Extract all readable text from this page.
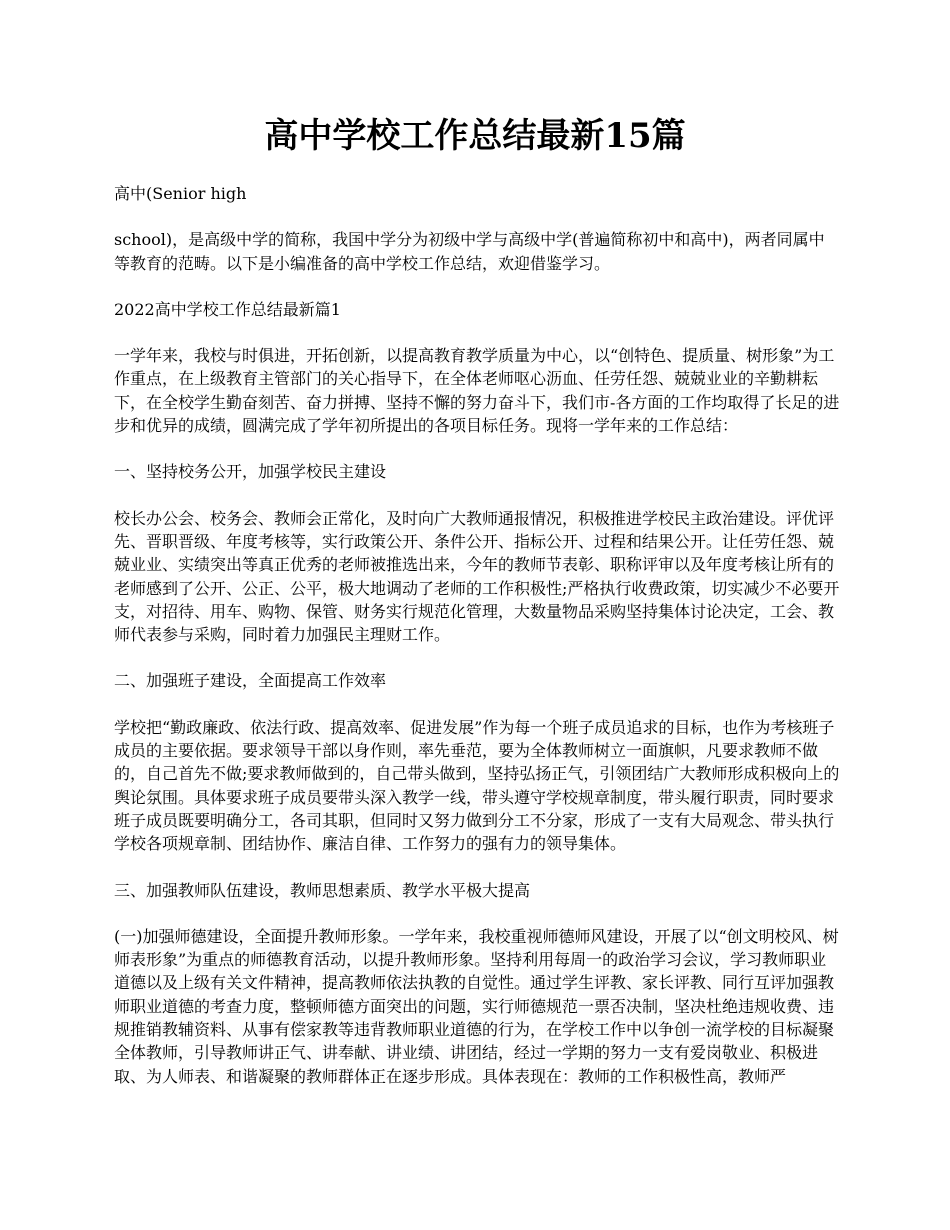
高中学校工作总结最新15篇

高中(Senior high

school)，是高级中学的简称，我国中学分为初级中学与高级中学(普遍简称初中和高中)，两者同属中等教育的范畴。以下是小编准备的高中学校工作总结，欢迎借鉴学习。

2022高中学校工作总结最新篇1

一学年来，我校与时俱进，开拓创新，以提高教育教学质量为中心，以“创特色、提质量、树形象”为工作重点，在上级教育主管部门的关心指导下，在全体老师呕心沥血、任劳任怨、兢兢业业的辛勤耕耘下，在全校学生勤奋刻苦、奋力拼搏、坚持不懈的努力奋斗下，我们市-各方面的工作均取得了长足的进步和优异的成绩，圆满完成了学年初所提出的各项目标任务。现将一学年来的工作总结：

一、坚持校务公开，加强学校民主建设

校长办公会、校务会、教师会正常化，及时向广大教师通报情况，积极推进学校民主政治建设。评优评先、晋职晋级、年度考核等，实行政策公开、条件公开、指标公开、过程和结果公开。让任劳任怨、兢兢业业、实绩突出等真正优秀的老师被推选出来，今年的教师节表彰、职称评审以及年度考核让所有的老师感到了公开、公正、公平，极大地调动了老师的工作积极性;严格执行收费政策，切实减少不必要开支，对招待、用车、购物、保管、财务实行规范化管理，大数量物品采购坚持集体讨论决定，工会、教师代表参与采购，同时着力加强民主理财工作。

二、加强班子建设，全面提高工作效率

学校把“勤政廉政、依法行政、提高效率、促进发展”作为每一个班子成员追求的目标，也作为考核班子成员的主要依据。要求领导干部以身作则，率先垂范，要为全体教师树立一面旗帜，凡要求教师不做的，自己首先不做;要求教师做到的，自己带头做到，坚持弘扬正气，引领团结广大教师形成积极向上的舆论氛围。具体要求班子成员要带头深入教学一线，带头遵守学校规章制度，带头履行职责，同时要求班子成员既要明确分工，各司其职，但同时又努力做到分工不分家，形成了一支有大局观念、带头执行学校各项规章制、团结协作、廉洁自律、工作努力的强有力的领导集体。

三、加强教师队伍建设，教师思想素质、教学水平极大提高

(一)加强师德建设，全面提升教师形象。一学年来，我校重视师德师风建设，开展了以“创文明校风、树师表形象”为重点的师德教育活动，以提升教师形象。坚持利用每周一的政治学习会议，学习教师职业道德以及上级有关文件精神，提高教师依法执教的自觉性。通过学生评教、家长评教、同行互评加强教师职业道德的考查力度，整顿师德方面突出的问题，实行师德规范一票否决制，坚决杜绝违规收费、违规推销教辅资料、从事有偿家教等违背教师职业道德的行为，在学校工作中以争创一流学校的目标凝聚全体教师，引导教师讲正气、讲奉献、讲业绩、讲团结，经过一学期的努力一支有爱岗敬业、积极进取、为人师表、和谐凝聚的教师群体正在逐步形成。具体表现在：教师的工作积极性高，教师严
